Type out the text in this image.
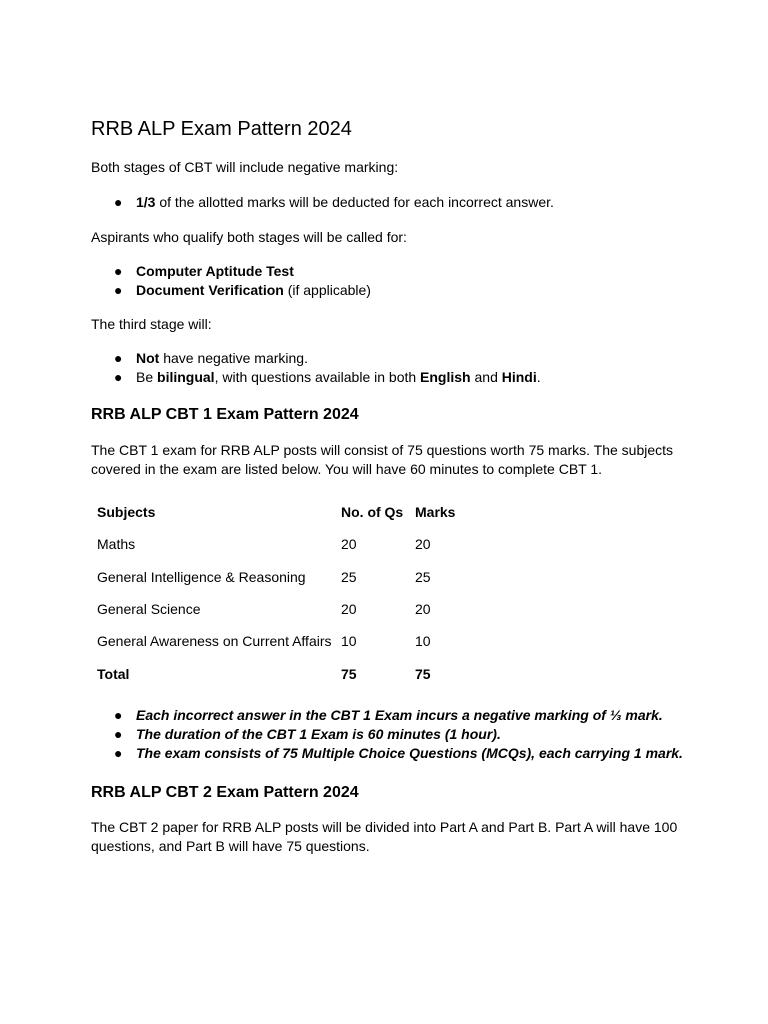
RRB ALP Exam Pattern 2024

Both stages of CBT will include negative marking:

● 1/3 of the allotted marks will be deducted for each incorrect answer.

Aspirants who qualify both stages will be called for:

● Computer Aptitude Test
● Document Verification (if applicable)

The third stage will:

● Not have negative marking.
● Be bilingual, with questions available in both English and Hindi.
RRB ALP CBT 1 Exam Pattern 2024

The CBT 1 exam for RRB ALP posts will consist of 75 questions worth 75 marks. The subjects covered in the exam are listed below. You will have 60 minutes to complete CBT 1.

Subjects	No. of Qs	Marks
Maths	20	20
General Intelligence & Reasoning	25	25
General Science	20	20
General Awareness on Current Affairs	10	10
Total	75	75
● Each incorrect answer in the CBT 1 Exam incurs a negative marking of ⅓ mark.
● The duration of the CBT 1 Exam is 60 minutes (1 hour).
● The exam consists of 75 Multiple Choice Questions (MCQs), each carrying 1 mark.
RRB ALP CBT 2 Exam Pattern 2024

The CBT 2 paper for RRB ALP posts will be divided into Part A and Part B. Part A will have 100 questions, and Part B will have 75 questions.
